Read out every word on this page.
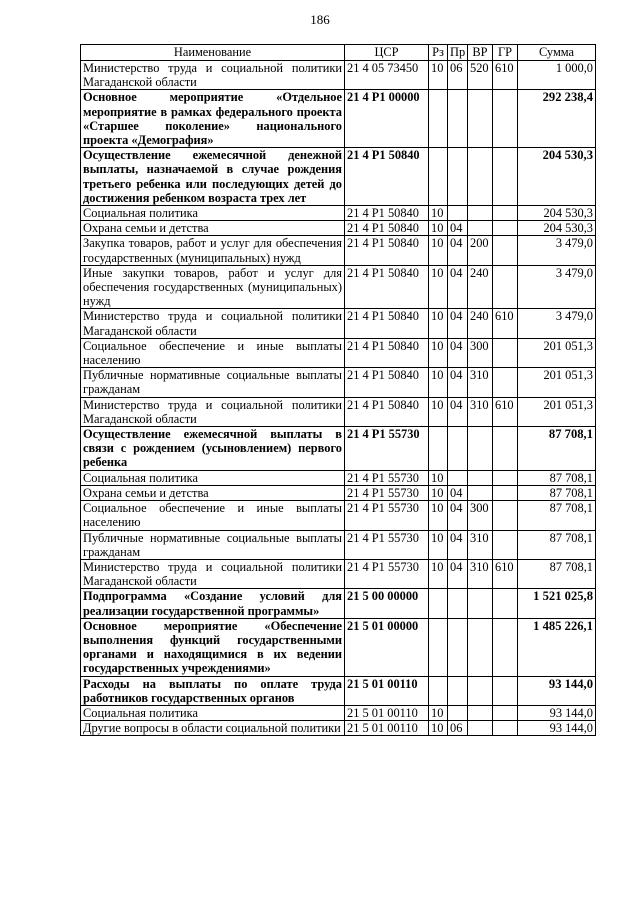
186
Наименование	ЦСР	Рз	Пр	ВР	ГР	Сумма
Министерство труда и социальной политики Магаданской области	21 4 05 73450	10	06	520	610	1 000,0
Основное мероприятие «Отдельное мероприятие в рамках федерального проекта «Старшее поколение» национального проекта «Демография»	21 4 P1 00000					292 238,4
Осуществление ежемесячной денежной выплаты, назначаемой в случае рождения третьего ребенка или последующих детей до достижения ребенком возраста трех лет	21 4 P1 50840					204 530,3
Социальная политика	21 4 P1 50840	10				204 530,3
Охрана семьи и детства	21 4 P1 50840	10	04			204 530,3
Закупка товаров, работ и услуг для обеспечения государственных (муниципальных) нужд	21 4 P1 50840	10	04	200		3 479,0
Иные закупки товаров, работ и услуг для обеспечения государственных (муниципальных) нужд	21 4 P1 50840	10	04	240		3 479,0
Министерство труда и социальной политики Магаданской области	21 4 P1 50840	10	04	240	610	3 479,0
Социальное обеспечение и иные выплаты населению	21 4 P1 50840	10	04	300		201 051,3
Публичные нормативные социальные выплаты гражданам	21 4 P1 50840	10	04	310		201 051,3
Министерство труда и социальной политики Магаданской области	21 4 P1 50840	10	04	310	610	201 051,3
Осуществление ежемесячной выплаты в связи с рождением (усыновлением) первого ребенка	21 4 P1 55730					87 708,1
Социальная политика	21 4 P1 55730	10				87 708,1
Охрана семьи и детства	21 4 P1 55730	10	04			87 708,1
Социальное обеспечение и иные выплаты населению	21 4 P1 55730	10	04	300		87 708,1
Публичные нормативные социальные выплаты гражданам	21 4 P1 55730	10	04	310		87 708,1
Министерство труда и социальной политики Магаданской области	21 4 P1 55730	10	04	310	610	87 708,1
Подпрограмма «Создание условий для реализации государственной программы»	21 5 00 00000					1 521 025,8
Основное мероприятие «Обеспечение выполнения функций государственными органами и находящимися в их ведении государственных учреждениями»	21 5 01 00000					1 485 226,1
Расходы на выплаты по оплате труда работников государственных органов	21 5 01 00110					93 144,0
Социальная политика	21 5 01 00110	10				93 144,0
Другие вопросы в области социальной политики	21 5 01 00110	10	06			93 144,0
